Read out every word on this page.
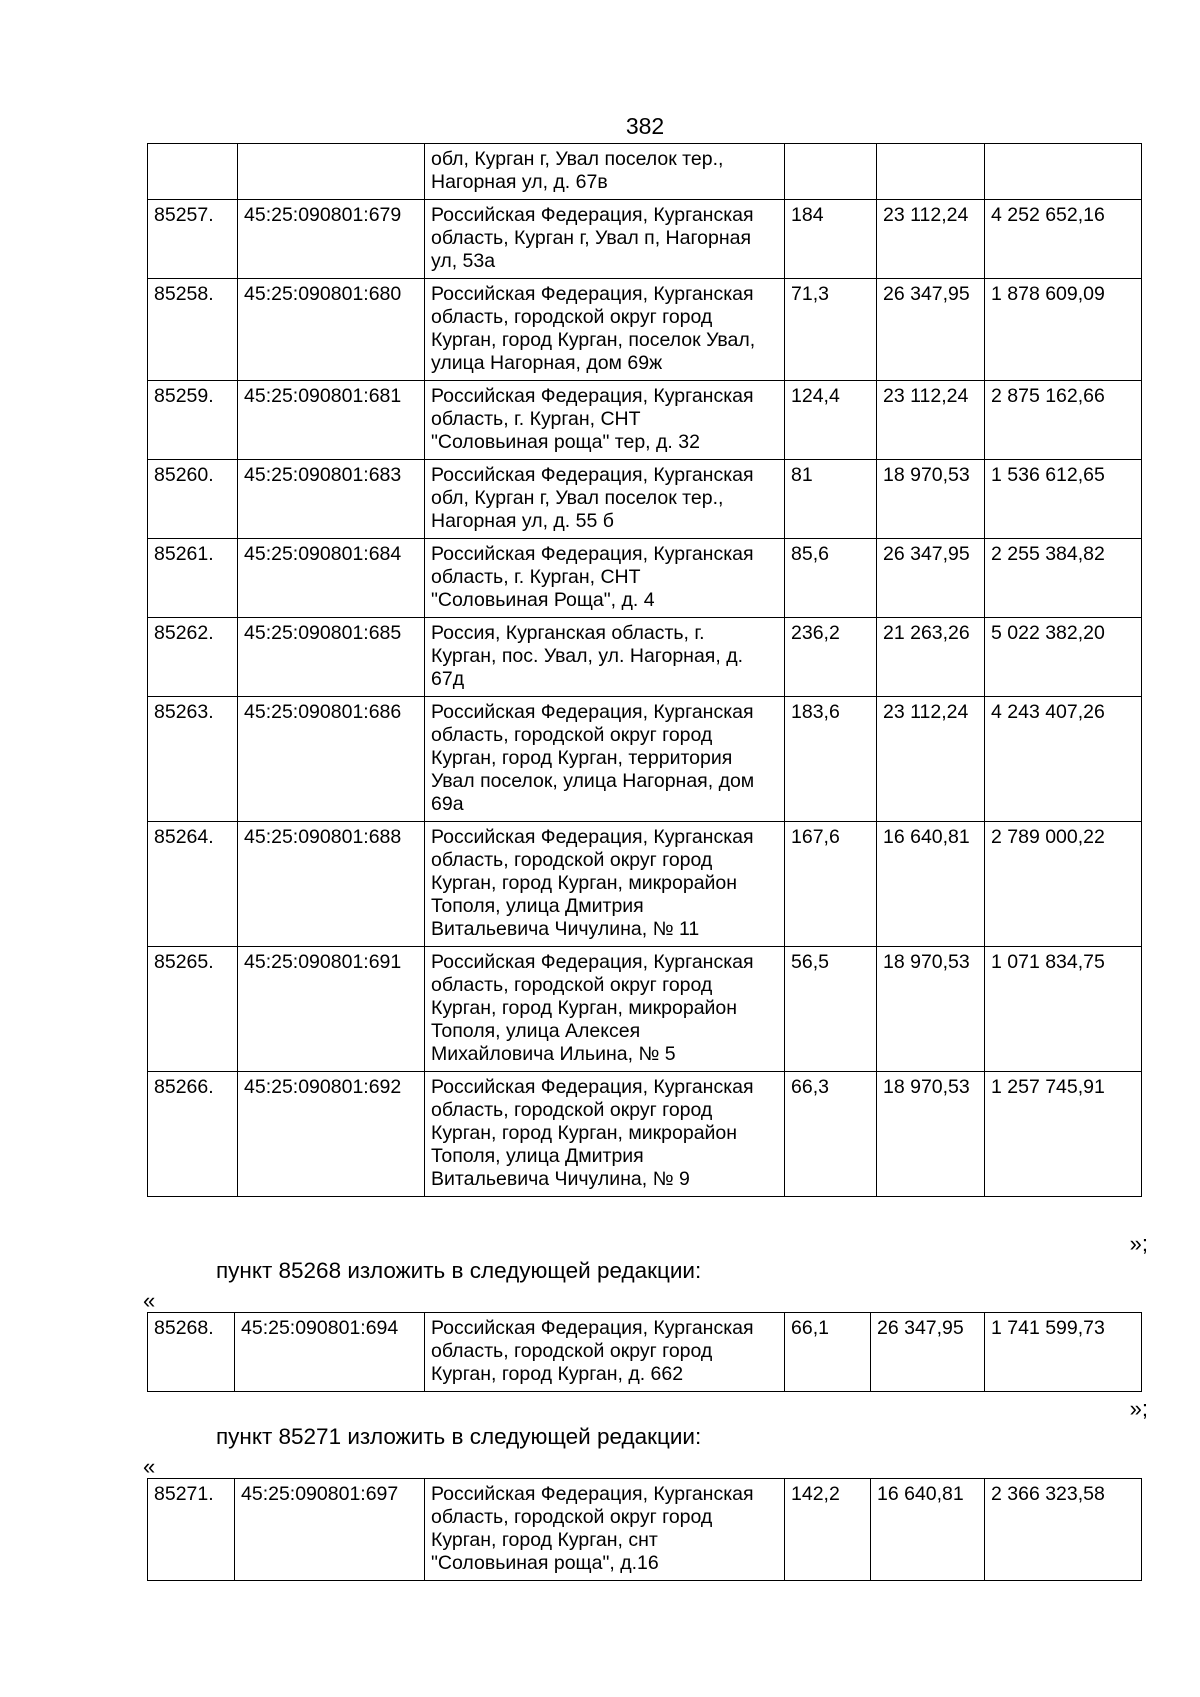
382
		обл, Курган г, Увал поселок тер.,
Нагорная ул, д. 67в			
85257.	45:25:090801:679	Российская Федерация, Курганская
область, Курган г, Увал п, Нагорная
ул, 53а	184	23 112,24	4 252 652,16
85258.	45:25:090801:680	Российская Федерация, Курганская
область, городской округ город
Курган, город Курган, поселок Увал,
улица Нагорная, дом 69ж	71,3	26 347,95	1 878 609,09
85259.	45:25:090801:681	Российская Федерация, Курганская
область, г. Курган, СНТ
"Соловьиная роща" тер, д. 32	124,4	23 112,24	2 875 162,66
85260.	45:25:090801:683	Российская Федерация, Курганская
обл, Курган г, Увал поселок тер.,
Нагорная ул, д. 55 б	81	18 970,53	1 536 612,65
85261.	45:25:090801:684	Российская Федерация, Курганская
область, г. Курган, СНТ
"Соловьиная Роща", д. 4	85,6	26 347,95	2 255 384,82
85262.	45:25:090801:685	Россия, Курганская область, г.
Курган, пос. Увал, ул. Нагорная, д.
67д	236,2	21 263,26	5 022 382,20
85263.	45:25:090801:686	Российская Федерация, Курганская
область, городской округ город
Курган, город Курган, территория
Увал поселок, улица Нагорная, дом
69а	183,6	23 112,24	4 243 407,26
85264.	45:25:090801:688	Российская Федерация, Курганская
область, городской округ город
Курган, город Курган, микрорайон
Тополя, улица Дмитрия
Витальевича Чичулина, № 11	167,6	16 640,81	2 789 000,22
85265.	45:25:090801:691	Российская Федерация, Курганская
область, городской округ город
Курган, город Курган, микрорайон
Тополя, улица Алексея
Михайловича Ильина, № 5	56,5	18 970,53	1 071 834,75
85266.	45:25:090801:692	Российская Федерация, Курганская
область, городской округ город
Курган, город Курган, микрорайон
Тополя, улица Дмитрия
Витальевича Чичулина, № 9	66,3	18 970,53	1 257 745,91
»;
пункт 85268 изложить в следующей редакции:
«
85268.	45:25:090801:694	Российская Федерация, Курганская
область, городской округ город
Курган, город Курган, д. 662	66,1	26 347,95	1 741 599,73
»;
пункт 85271 изложить в следующей редакции:
«
85271.	45:25:090801:697	Российская Федерация, Курганская
область, городской округ город
Курган, город Курган, снт
"Соловьиная роща", д.16	142,2	16 640,81	2 366 323,58
